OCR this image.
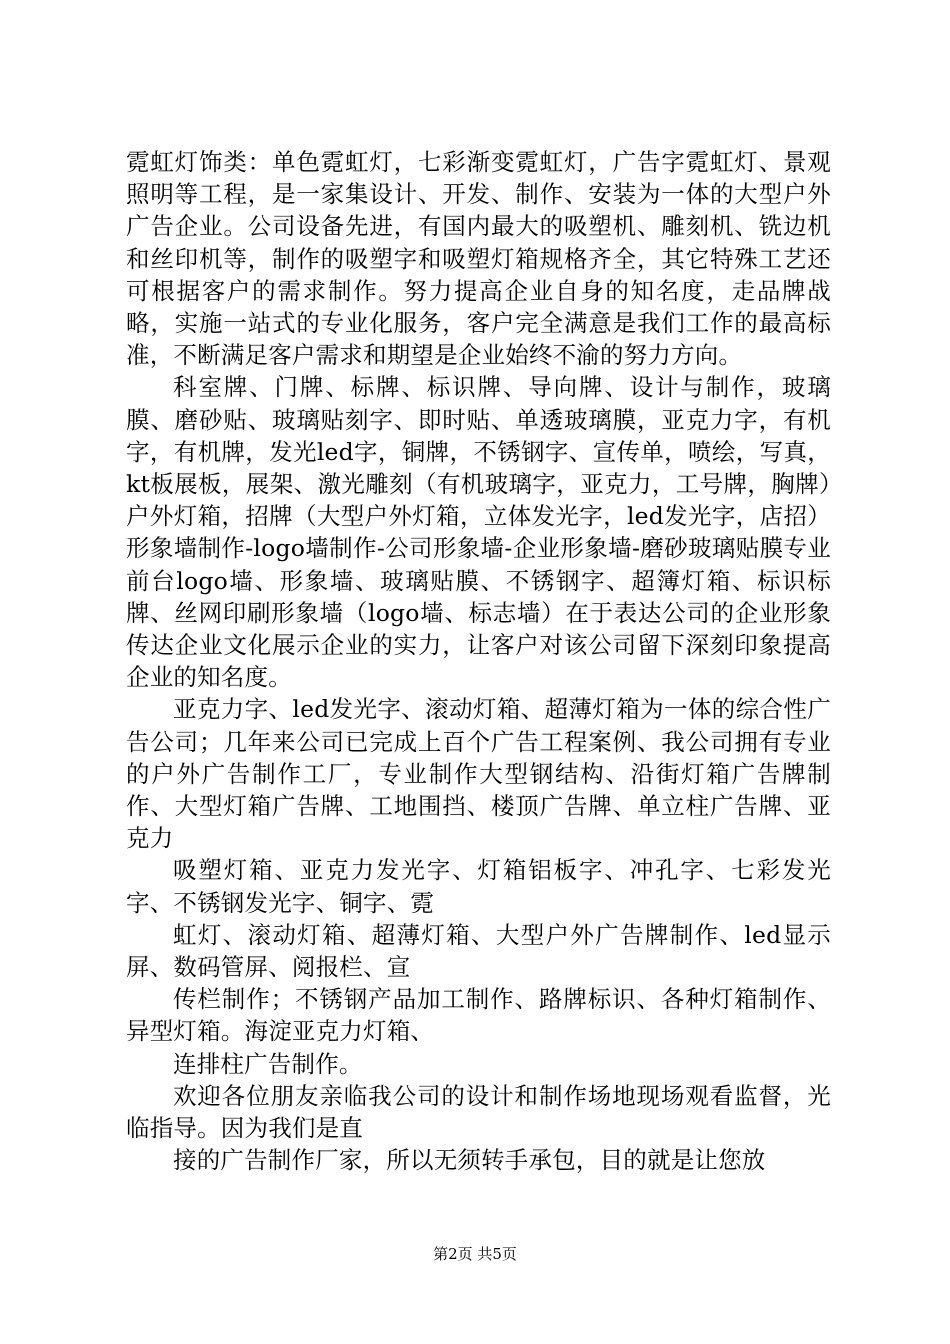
霓虹灯饰类：单色霓虹灯，七彩渐变霓虹灯，广告字霓虹灯、景观照明等工程，是一家集设计、开发、制作、安装为一体的大型户外广告企业。公司设备先进，有国内最大的吸塑机、雕刻机、铣边机和丝印机等，制作的吸塑字和吸塑灯箱规格齐全，其它特殊工艺还可根据客户的需求制作。努力提高企业自身的知名度，走品牌战略，实施一站式的专业化服务，客户完全满意是我们工作的最高标准，不断满足客户需求和期望是企业始终不渝的努力方向。

科室牌、门牌、标牌、标识牌、导向牌、设计与制作，玻璃膜、磨砂贴、玻璃贴刻字、即时贴、单透玻璃膜，亚克力字，有机字，有机牌，发光led字，铜牌，不锈钢字、宣传单，喷绘，写真，kt板展板，展架、激光雕刻（有机玻璃字，亚克力，工号牌，胸牌）户外灯箱，招牌（大型户外灯箱，立体发光字，led发光字，店招）形象墙制作-logo墙制作-公司形象墙-企业形象墙-磨砂玻璃贴膜专业前台logo墙、形象墙、玻璃贴膜、不锈钢字、超簿灯箱、标识标牌、丝网印刷形象墙（logo墙、标志墙）在于表达公司的企业形象传达企业文化展示企业的实力，让客户对该公司留下深刻印象提高企业的知名度。

亚克力字、led发光字、滚动灯箱、超薄灯箱为一体的综合性广告公司；几年来公司已完成上百个广告工程案例、我公司拥有专业的户外广告制作工厂，专业制作大型钢结构、沿街灯箱广告牌制作、大型灯箱广告牌、工地围挡、楼顶广告牌、单立柱广告牌、亚克力

吸塑灯箱、亚克力发光字、灯箱铝板字、冲孔字、七彩发光字、不锈钢发光字、铜字、霓

虹灯、滚动灯箱、超薄灯箱、大型户外广告牌制作、led显示屏、数码管屏、阅报栏、宣

传栏制作；不锈钢产品加工制作、路牌标识、各种灯箱制作、异型灯箱。海淀亚克力灯箱、

连排柱广告制作。

欢迎各位朋友亲临我公司的设计和制作场地现场观看监督，光临指导。因为我们是直

接的广告制作厂家，所以无须转手承包，目的就是让您放

第2页 共5页
